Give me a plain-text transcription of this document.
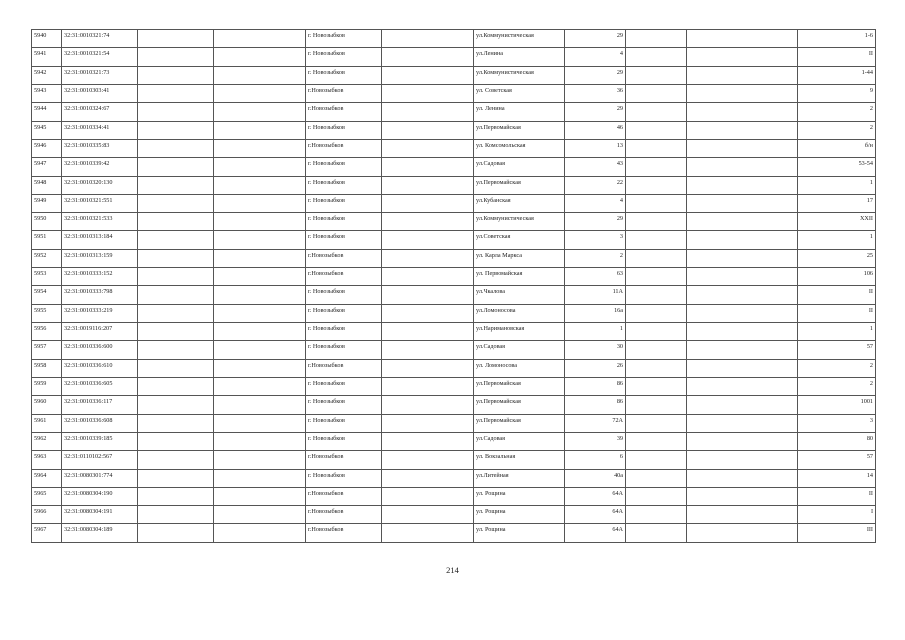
5940	32:31:0010321:74			г. Новозыбков		ул.Коммунистическая	29			1-6
5941	32:31:0010321:54			г. Новозыбков		ул.Ленина	4			II
5942	32:31:0010321:73			г. Новозыбков		ул.Коммунистическая	29			1-44
5943	32:31:0010303:41			г.Новозыбков		ул. Советская	36			9
5944	32:31:0010324:67			г.Новозыбков		ул. Ленина	29			2
5945	32:31:0010334:41			г. Новозыбков		ул.Первомайская	46			2
5946	32:31:0010335:83			г.Новозыбков		ул. Комсомольская	13			б/н
5947	32:31:0010339:42			г. Новозыбков		ул.Садовая	43			53-54
5948	32:31:0010320:130			г. Новозыбков		ул.Первомайская	22			1
5949	32:31:0010321:551			г. Новозыбков		ул.Кубанская	4			17
5950	32:31:0010321:533			г. Новозыбков		ул.Коммунистическая	29			XXII
5951	32:31:0010313:184			г. Новозыбков		ул.Советская	3			1
5952	32:31:0010313:159			г.Новозыбков		ул. Карла Маркса	2			25
5953	32:31:0010333:152			г.Новозыбков		ул. Первомайская	63			106
5954	32:31:0010333:798			г. Новозыбков		ул.Чкалова	11А			II
5955	32:31:0010333:219			г. Новозыбков		ул.Ломоносова	16а			II
5956	32:31:0019116:207			г. Новозыбков		ул.Наримановская	1			1
5957	32:31:0010336:600			г. Новозыбков		ул.Садовая	30			57
5958	32:31:0010336:610			г.Новозыбков		ул. Ломоносова	26			2
5959	32:31:0010336:605			г. Новозыбков		ул.Первомайская	86			2
5960	32:31:0010336:117			г. Новозыбков		ул.Первомайская	86			1001
5961	32:31:0010336:608			г. Новозыбков		ул.Первомайская	72А			3
5962	32:31:0010339:185			г. Новозыбков		ул.Садовая	39			80
5963	32:31:0110102:567			г.Новозыбков		ул. Вокзальная	6			57
5964	32:31:0080301:774			г. Новозыбков		ул.Литейная	40а			14
5965	32:31:0080304:190			г.Новозыбков		ул. Рощина	64А			II
5966	32:31:0080304:191			г.Новозыбков		ул. Рощина	64А			I
5967	32:31:0080304:189			г.Новозыбков		ул. Рощина	64А			III
214
